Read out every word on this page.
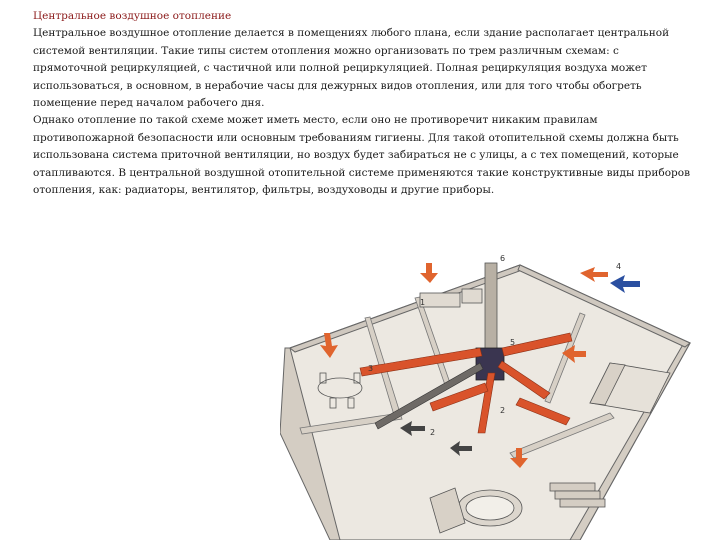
Центральное воздушное отопление

Центральное воздушное отопление делается в помещениях любого плана, если здание располагает центральной системой вентиляции. Такие типы систем отопления можно организовать по трем различным схемам: с прямоточной рециркуляцией, с частичной или полной рециркуляцией. Полная рециркуляция воздуха может использоваться, в основном, в нерабочие часы для дежурных видов отопления, или для того чтобы обогреть помещение перед началом рабочего дня.

Однако отопление по такой схеме может иметь место, если оно не противоречит никаким правилам противопожарной безопасности или основным требованиям гигиены. Для такой отопительной схемы должна быть использована система приточной вентиляции, но воздух будет забираться не с улицы, а с тех помещений, которые отапливаются. В центральной воздушной отопительной системе применяются такие конструктивные виды приборов отопления, как: радиаторы, вентилятор, фильтры, воздуховоды и другие приборы.

1
2
3
4
5
6
2
